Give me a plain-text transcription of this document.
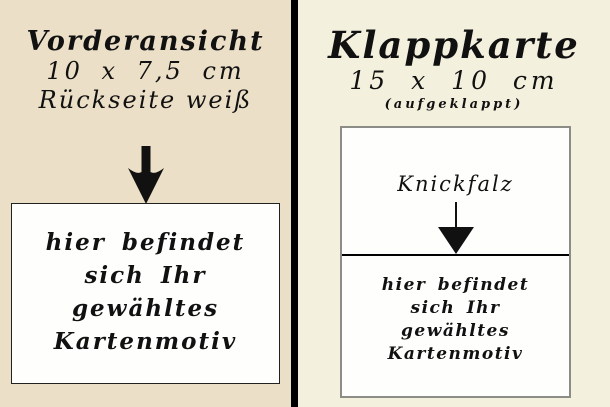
Vorderansicht
10 x 7,5 cm
Rückseite weiß
hier befindet
sich Ihr
gewähltes
Kartenmotiv
Klappkarte
15 x 10 cm
(aufgeklappt)
Knickfalz
hier befindet
sich Ihr
gewähltes
Kartenmotiv
